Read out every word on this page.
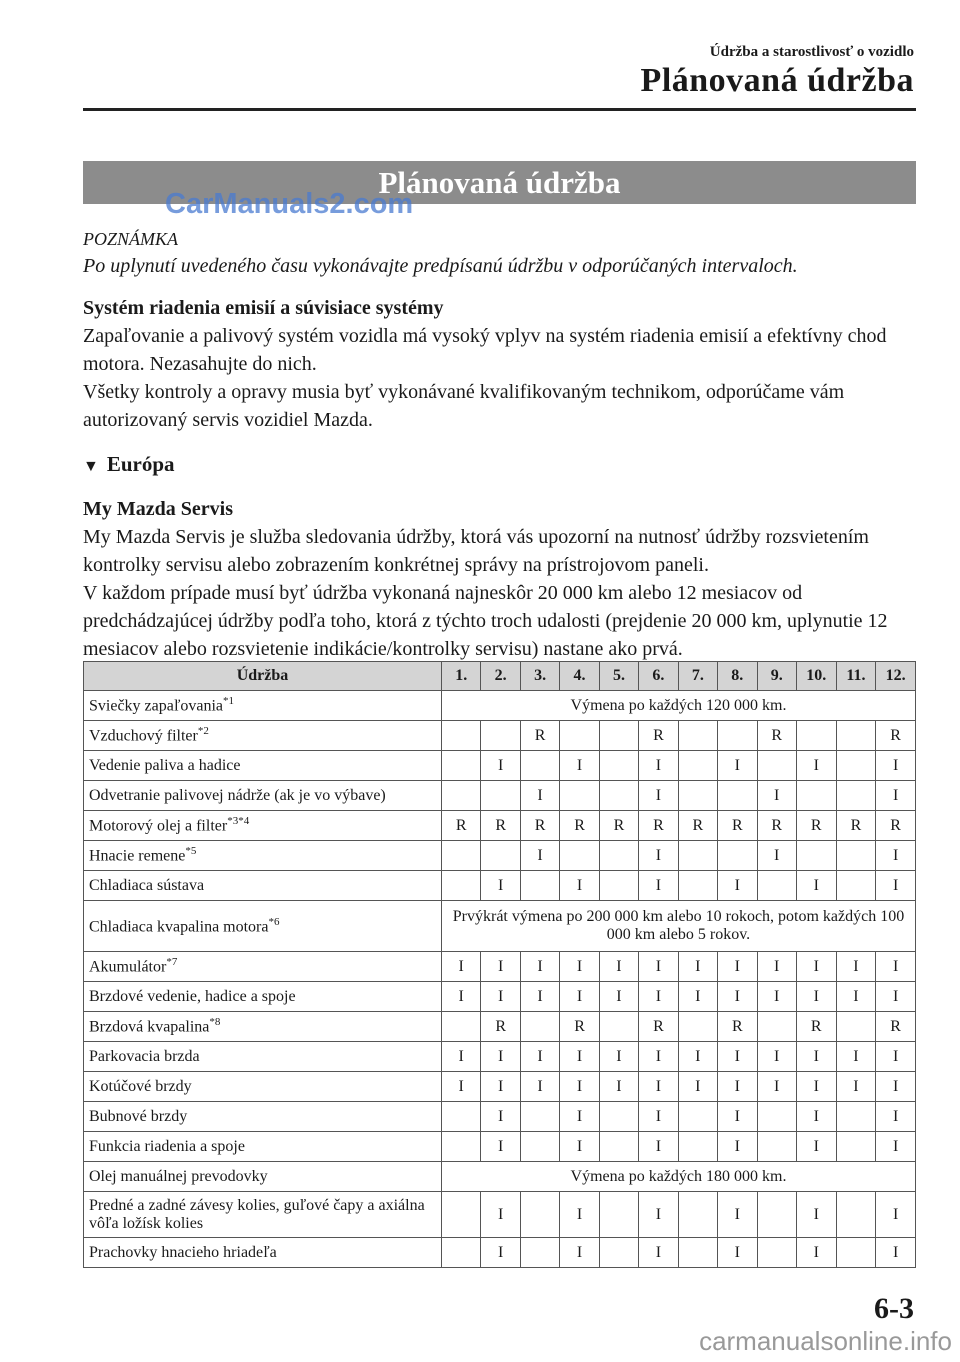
Údržba a starostlivosť o vozidlo
Plánovaná údržba
Plánovaná údržba
CarManuals2.com

POZNÁMKA

Po uplynutí uvedeného času vykonávajte predpísanú údržbu v odporúčaných intervaloch.

Systém riadenia emisií a súvisiace systémy

Zapaľovanie a palivový systém vozidla má vysoký vplyv na systém riadenia emisií a efektívny chod motora. Nezasahujte do nich.

Všetky kontroly a opravy musia byť vykonávané kvalifikovaným technikom, odporúčame vám autorizovaný servis vozidiel Mazda.

▼ Európa

My Mazda Servis

My Mazda Servis je služba sledovania údržby, ktorá vás upozorní na nutnosť údržby rozsvietením kontrolky servisu alebo zobrazením konkrétnej správy na prístrojovom paneli.

V každom prípade musí byť údržba vykonaná najneskôr 20 000 km alebo 12 mesiacov od predchádzajúcej údržby podľa toho, ktorá z týchto troch udalosti (prejdenie 20 000 km, uplynutie 12 mesiacov alebo rozsvietenie indikácie/kontrolky servisu) nastane ako prvá.

Údržba	1.	2.	3.	4.	5.	6.	7.	8.	9.	10.	11.	12.
Sviečky zapaľovania$^{*1}$	Výmena po každých 120 000 km.											
Vzduchový filter$^{*2}$			R			R			R			R
Vedenie paliva a hadice		I		I		I		I		I		I
Odvetranie palivovej nádrže (ak je vo výbave)			I			I			I			I
Motorový olej a filter$^{*3*4}$	R	R	R	R	R	R	R	R	R	R	R	R
Hnacie remene$^{*5}$			I			I			I			I
Chladiaca sústava		I		I		I		I		I		I
Chladiaca kvapalina motora$^{*6}$	Prvýkrát výmena po 200 000 km alebo 10 rokoch, potom každých 100 000 km alebo 5 rokov.											
Akumulátor$^{*7}$	I	I	I	I	I	I	I	I	I	I	I	I
Brzdové vedenie, hadice a spoje	I	I	I	I	I	I	I	I	I	I	I	I
Brzdová kvapalina$^{*8}$		R		R		R		R		R		R
Parkovacia brzda	I	I	I	I	I	I	I	I	I	I	I	I
Kotúčové brzdy	I	I	I	I	I	I	I	I	I	I	I	I
Bubnové brzdy		I		I		I		I		I		I
Funkcia riadenia a spoje		I		I		I		I		I		I
Olej manuálnej prevodovky	Výmena po každých 180 000 km.											
Predné a zadné závesy kolies, guľové čapy a axiálna vôľa ložísk kolies		I		I		I		I		I		I
Prachovky hnacieho hriadeľa		I		I		I		I		I		I
6-3
carmanualsonline.info
